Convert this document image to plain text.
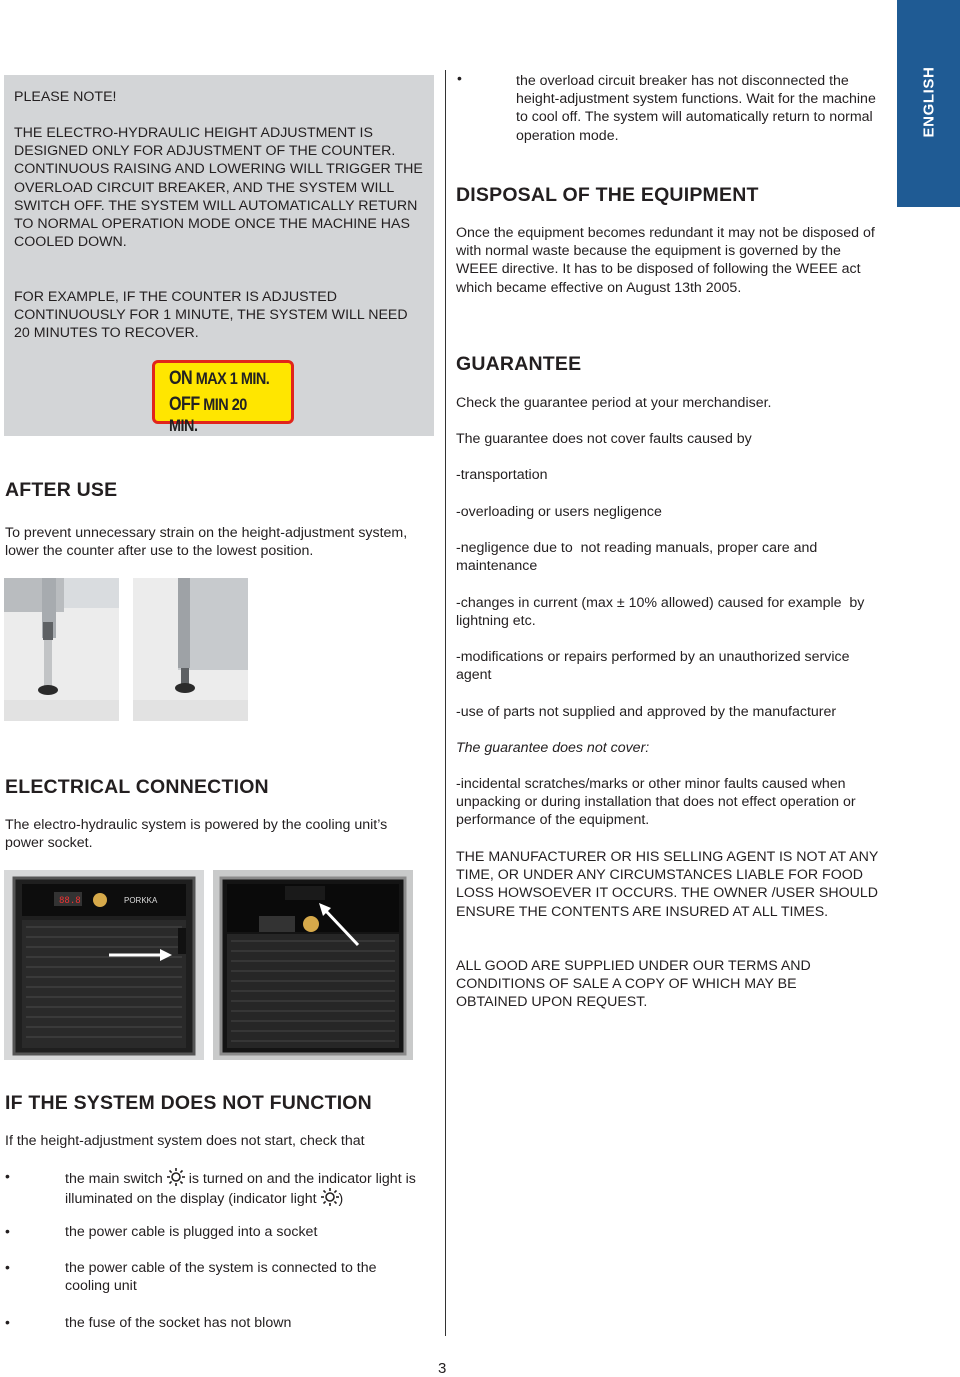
ENGLISH
PLEASE NOTE!
THE ELECTRO-HYDRAULIC HEIGHT ADJUSTMENT IS DESIGNED ONLY FOR ADJUSTMENT OF THE COUNTER. CONTINUOUS RAISING AND LOWERING WILL TRIGGER THE OVERLOAD CIRCUIT BREAKER, AND THE SYSTEM WILL SWITCH OFF. THE SYSTEM WILL AUTOMATICALLY RETURN TO NORMAL OPERATION MODE ONCE THE MACHINE HAS COOLED DOWN.
FOR EXAMPLE, IF THE COUNTER IS ADJUSTED CONTINUOUSLY FOR 1 MINUTE, THE SYSTEM WILL NEED 20 MINUTES TO RECOVER.
ON MAX 1 MIN.
OFF MIN 20 MIN.
AFTER USE
To prevent unnecessary strain on the height-adjustment system, lower the counter after use to the lowest position.
ELECTRICAL CONNECTION
The electro-hydraulic system is powered by the cooling unit’s power socket.
88.8	PORKKA
IF THE SYSTEM DOES NOT FUNCTION
If the height-adjustment system does not start, check that
•	the main switch is turned on and the indicator light is illuminated on the display (indicator light )
•	the power cable is plugged into a socket
•	the power cable of the system is connected to the cooling unit
•	the fuse of the socket has not blown
•	the overload circuit breaker has not disconnected the height-adjustment system functions. Wait for the machine to cool off. The system will automatically return to normal operation mode.
DISPOSAL OF THE EQUIPMENT
Once the equipment becomes redundant it may not be disposed of with normal waste because the equipment is governed by the WEEE directive. It has to be disposed of following the WEEE act which became effective on August 13th 2005.
GUARANTEE
Check the guarantee period at your merchandiser.
The guarantee does not cover faults caused by
-transportation
-overloading or users negligence
-negligence due to  not reading manuals, proper care and  maintenance
-changes in current (max ± 10% allowed) caused for example  by lightning etc.
-modifications or repairs performed by an unauthorized service  agent
-use of parts not supplied and approved by the manufacturer
The guarantee does not cover:
-incidental scratches/marks or other minor faults caused when  unpacking or during installation that does not effect operation or performance of the equipment.
THE MANUFACTURER OR HIS SELLING AGENT IS NOT AT ANY TIME, OR UNDER ANY CIRCUMSTANCES LIABLE FOR FOOD LOSS HOWSOEVER IT OCCURS. THE OWNER /USER SHOULD ENSURE THE CONTENTS ARE INSURED AT ALL TIMES.
ALL GOOD ARE SUPPLIED UNDER OUR TERMS AND CONDITIONS OF SALE A COPY OF WHICH MAY BE OBTAINED UPON REQUEST.
3
